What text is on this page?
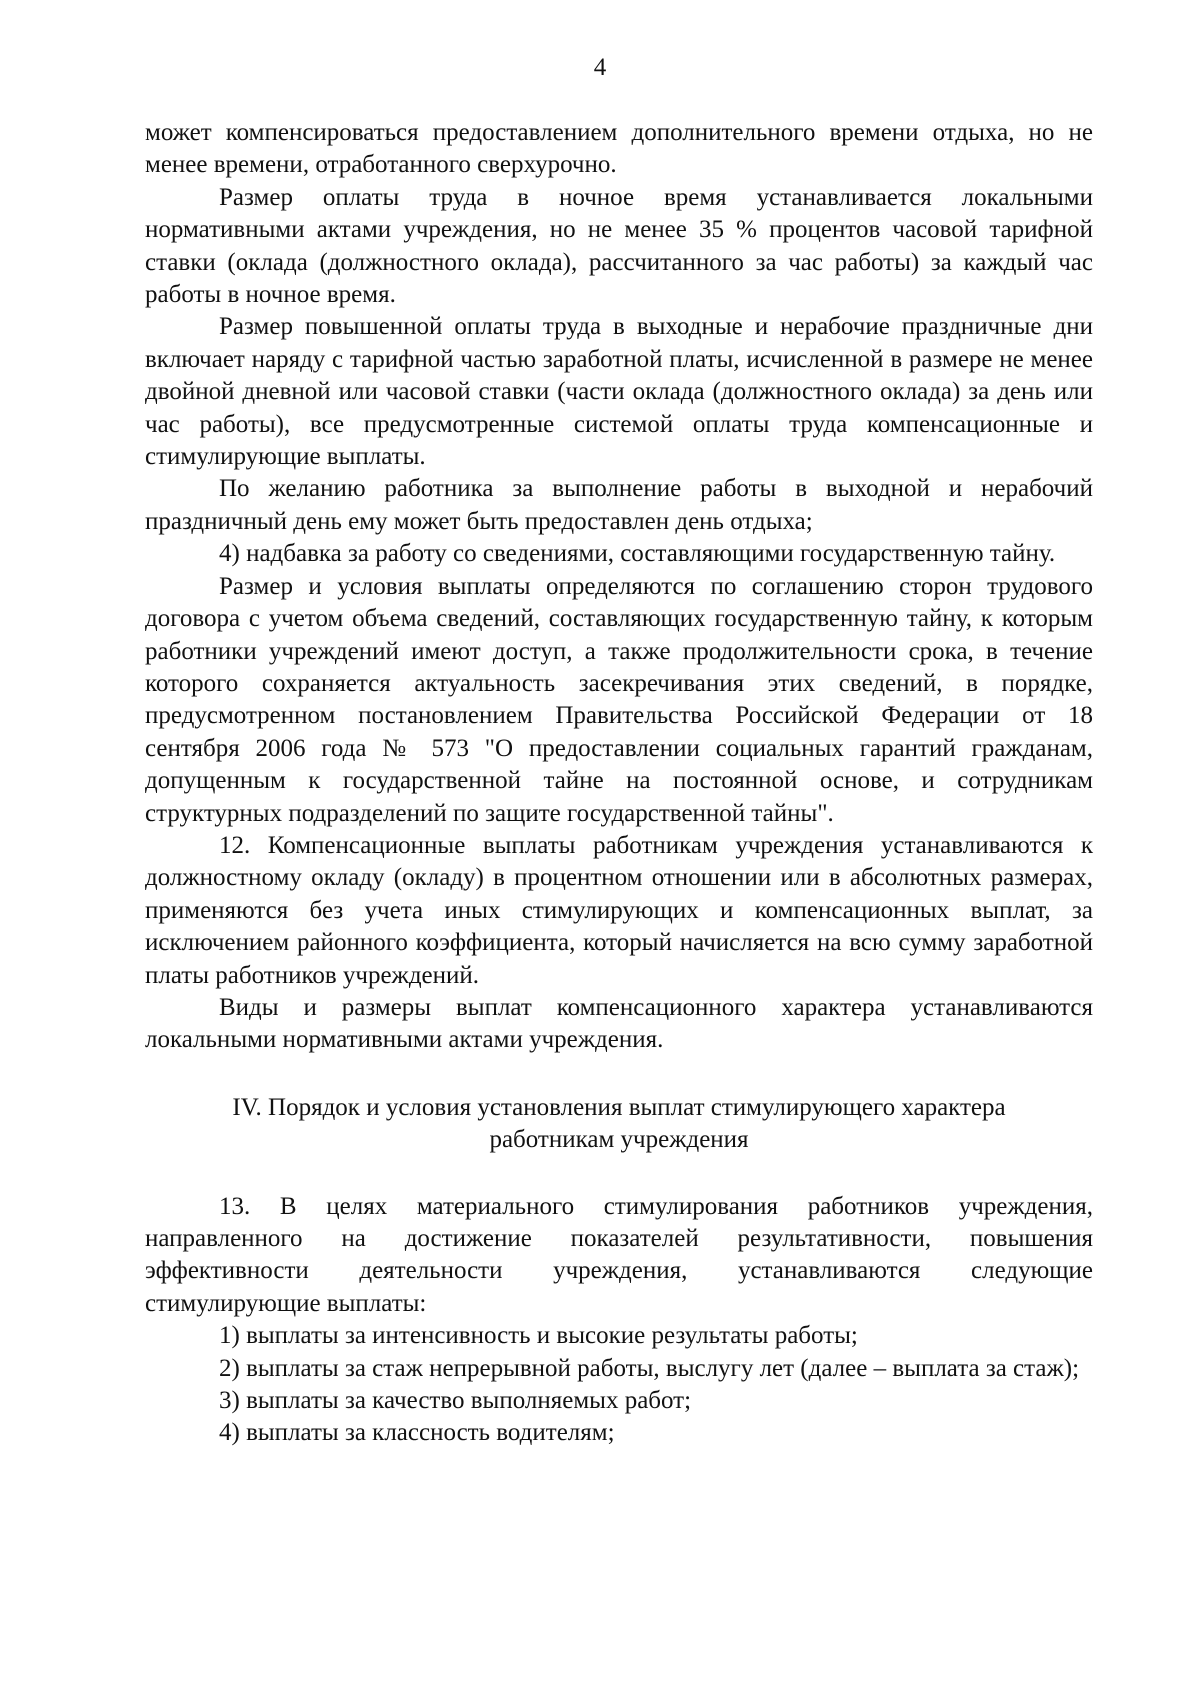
4

может компенсироваться предоставлением дополнительного времени отдыха, но не менее времени, отработанного сверхурочно.

Размер оплаты труда в ночное время устанавливается локальными нормативными актами учреждения, но не менее 35 % процентов часовой тарифной ставки (оклада (должностного оклада), рассчитанного за час работы) за каждый час работы в ночное время.

Размер повышенной оплаты труда в выходные и нерабочие праздничные дни включает наряду с тарифной частью заработной платы, исчисленной в размере не менее двойной дневной или часовой ставки (части оклада (должностного оклада) за день или час работы), все предусмотренные системой оплаты труда компенсационные и стимулирующие выплаты.

По желанию работника за выполнение работы в выходной и нерабочий праздничный день ему может быть предоставлен день отдыха;

4) надбавка за работу со сведениями, составляющими государственную тайну.

Размер и условия выплаты определяются по соглашению сторон трудового договора с учетом объема сведений, составляющих государственную тайну, к которым работники учреждений имеют доступ, а также продолжительности срока, в течение которого сохраняется актуальность засекречивания этих сведений, в порядке, предусмотренном постановлением Правительства Российской Федерации от 18 сентября 2006 года № 573 "О предоставлении социальных гарантий гражданам, допущенным к государственной тайне на постоянной основе, и сотрудникам структурных подразделений по защите государственной тайны".

12. Компенсационные выплаты работникам учреждения устанавливаются к должностному окладу (окладу) в процентном отношении или в абсолютных размерах, применяются без учета иных стимулирующих и компенсационных выплат, за исключением районного коэффициента, который начисляется на всю сумму заработной платы работников учреждений.

Виды и размеры выплат компенсационного характера устанавливаются локальными нормативными актами учреждения.

IV. Порядок и условия установления выплат стимулирующего характера
работникам учреждения

13. В целях материального стимулирования работников учреждения, направленного на достижение показателей результативности, повышения эффективности деятельности учреждения, устанавливаются следующие стимулирующие выплаты:

1) выплаты за интенсивность и высокие результаты работы;

2) выплаты за стаж непрерывной работы, выслугу лет (далее – выплата за стаж);

3) выплаты за качество выполняемых работ;

4) выплаты за классность водителям;
